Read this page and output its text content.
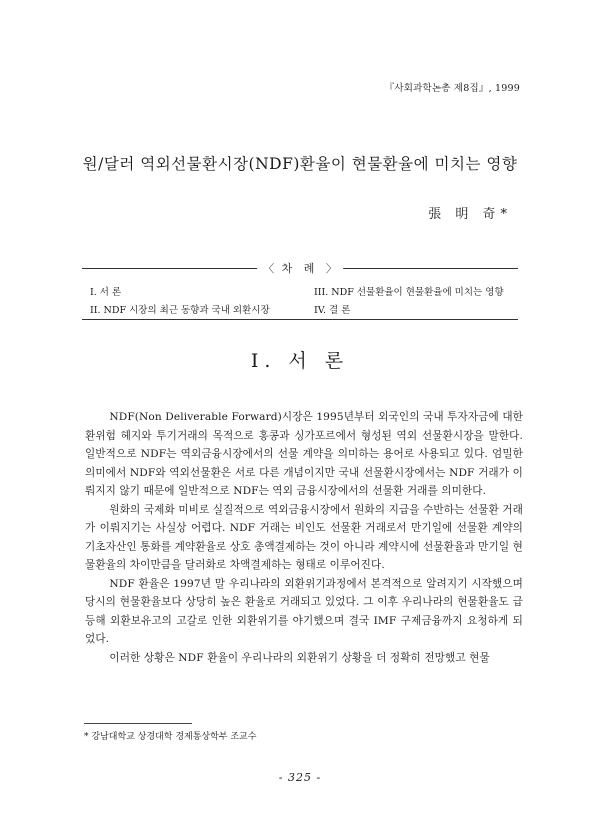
『사회과학논총 제8집』, 1999
원/달러 역외선물환시장(NDF)환율이 현물환율에 미치는 영향
張 明 奇*
〈 차 례 〉
I. 서 론	III. NDF 선물환율이 현물환율에 미치는 영향
II. NDF 시장의 최근 동향과 국내 외환시장	IV. 결 론
I. 서 론

NDF(Non Deliverable Forward)시장은 1995년부터 외국인의 국내 투자자금에 대한 환위험 헤지와 투기거래의 목적으로 홍콩과 싱가포르에서 형성된 역외 선물환시장을 말한다. 일반적으로 NDF는 역외금융시장에서의 선물 계약을 의미하는 용어로 사용되고 있다. 엄밀한 의미에서 NDF와 역외선물환은 서로 다른 개념이지만 국내 선물환시장에서는 NDF 거래가 이뤄지지 않기 때문에 일반적으로 NDF는 역외 금융시장에서의 선물환 거래를 의미한다.

원화의 국제화 미비로 실질적으로 역외금융시장에서 원화의 지급을 수반하는 선물환 거래가 이뤄지기는 사실상 어렵다. NDF 거래는 비인도 선물환 거래로서 만기일에 선물환 계약의 기초자산인 통화를 계약환율로 상호 총액결제하는 것이 아니라 계약시에 선물환율과 만기일 현물환율의 차이만큼을 달러화로 차액결제하는 형태로 이루어진다.

NDF 환율은 1997년 말 우리나라의 외환위기과정에서 본격적으로 알려지기 시작했으며 당시의 현물환율보다 상당히 높은 환율로 거래되고 있었다. 그 이후 우리나라의 현물환율도 급등해 외환보유고의 고갈로 인한 외환위기를 야기했으며 결국 IMF 구제금융까지 요청하게 되었다.

이러한 상황은 NDF 환율이 우리나라의 외환위기 상황을 더 정확히 전망했고 현물

* 강남대학교 상경대학 경제통상학부 조교수
- 325 -
